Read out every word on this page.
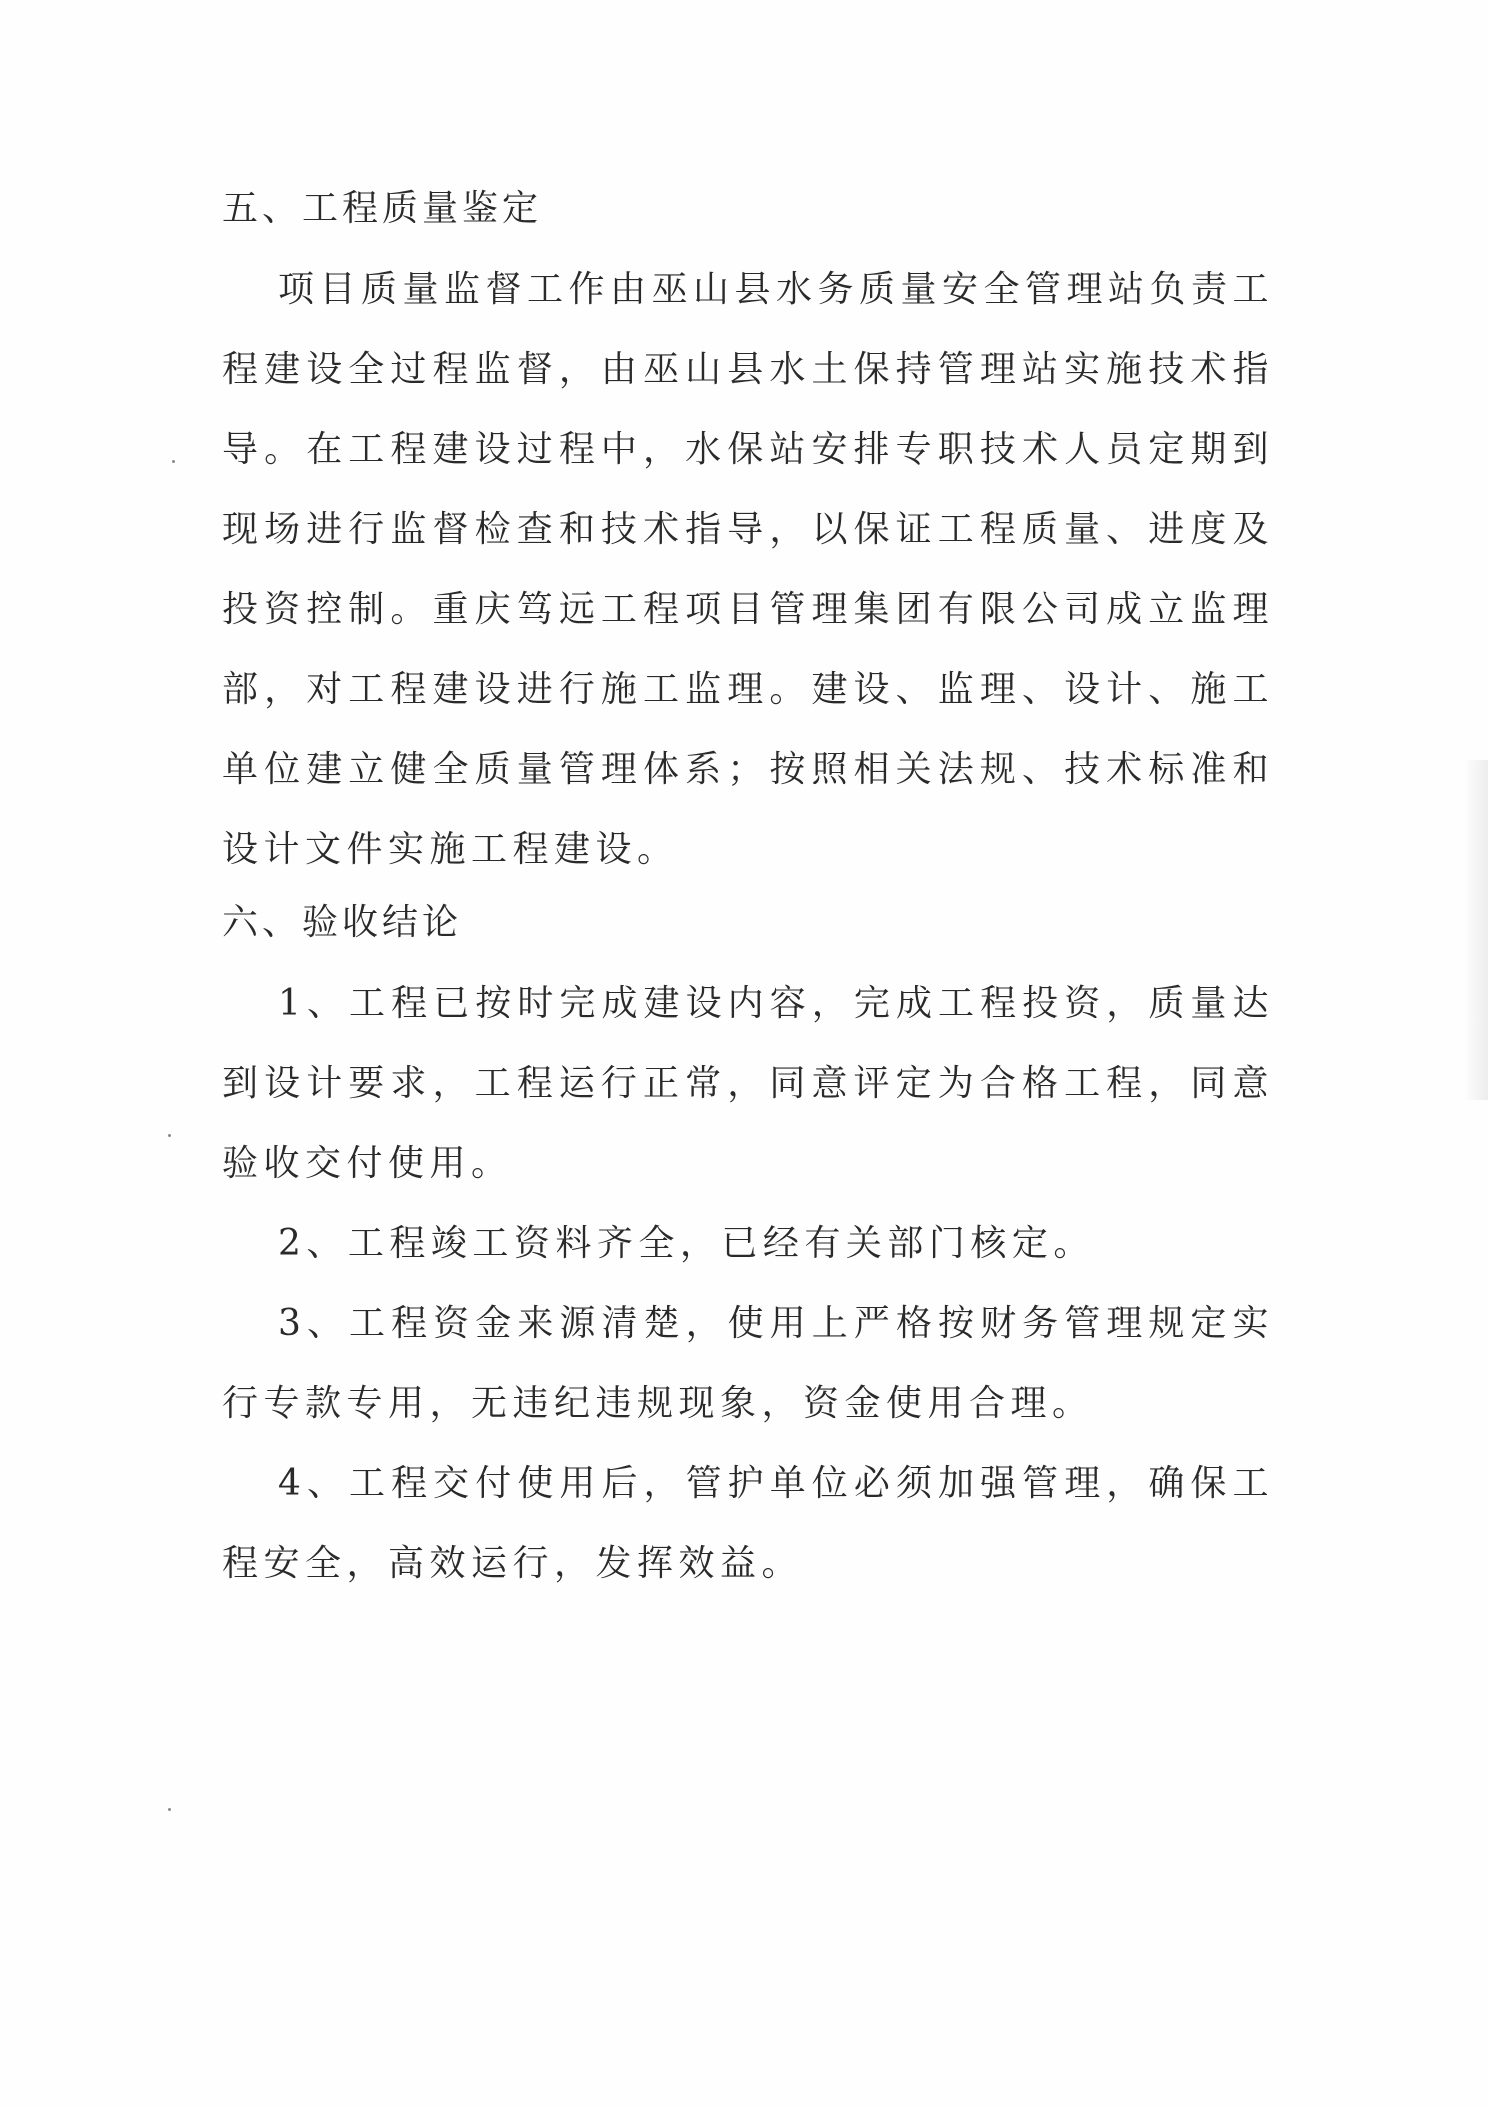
五、工程质量鉴定

项目质量监督工作由巫山县水务质量安全管理站负责工程建设全过程监督，由巫山县水土保持管理站实施技术指导。在工程建设过程中，水保站安排专职技术人员定期到现场进行监督检查和技术指导，以保证工程质量、进度及投资控制。重庆笃远工程项目管理集团有限公司成立监理部，对工程建设进行施工监理。建设、监理、设计、施工单位建立健全质量管理体系；按照相关法规、技术标准和设计文件实施工程建设。

六、验收结论

1、工程已按时完成建设内容，完成工程投资，质量达到设计要求，工程运行正常，同意评定为合格工程，同意验收交付使用。

2、工程竣工资料齐全，已经有关部门核定。

3、工程资金来源清楚，使用上严格按财务管理规定实行专款专用，无违纪违规现象，资金使用合理。

4、工程交付使用后，管护单位必须加强管理，确保工程安全，高效运行，发挥效益。
